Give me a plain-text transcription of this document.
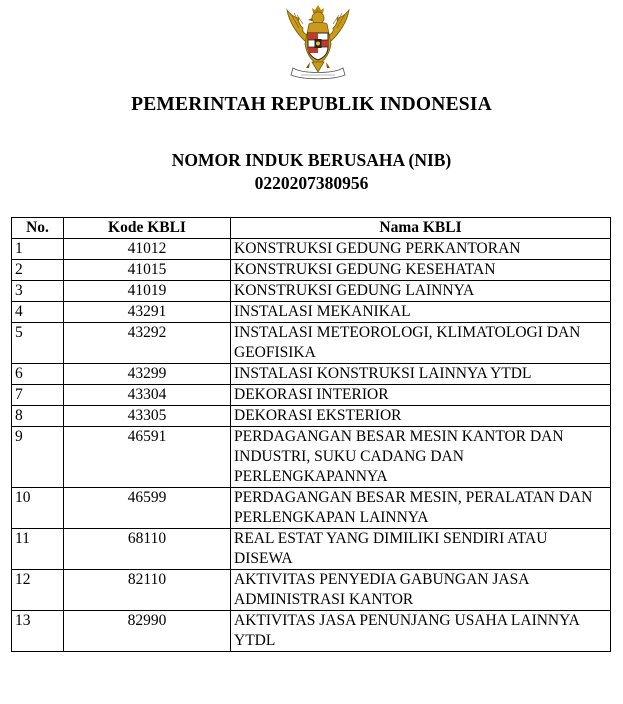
PEMERINTAH REPUBLIK INDONESIA
NOMOR INDUK BERUSAHA (NIB)
0220207380956
No.	Kode KBLI	Nama KBLI
1	41012	KONSTRUKSI GEDUNG PERKANTORAN

2	41015	KONSTRUKSI GEDUNG KESEHATAN

3	41019	KONSTRUKSI GEDUNG LAINNYA

4	43291	INSTALASI MEKANIKAL

5	43292	INSTALASI METEOROLOGI, KLIMATOLOGI DAN
GEOFISIKA

6	43299	INSTALASI KONSTRUKSI LAINNYA YTDL

7	43304	DEKORASI INTERIOR

8	43305	DEKORASI EKSTERIOR

9	46591	PERDAGANGAN BESAR MESIN KANTOR DAN
INDUSTRI, SUKU CADANG DAN
PERLENGKAPANNYA

10	46599	PERDAGANGAN BESAR MESIN, PERALATAN DAN
PERLENGKAPAN LAINNYA

11	68110	REAL ESTAT YANG DIMILIKI SENDIRI ATAU
DISEWA

12	82110	AKTIVITAS PENYEDIA GABUNGAN JASA
ADMINISTRASI KANTOR

13	82990	AKTIVITAS JASA PENUNJANG USAHA LAINNYA
YTDL
